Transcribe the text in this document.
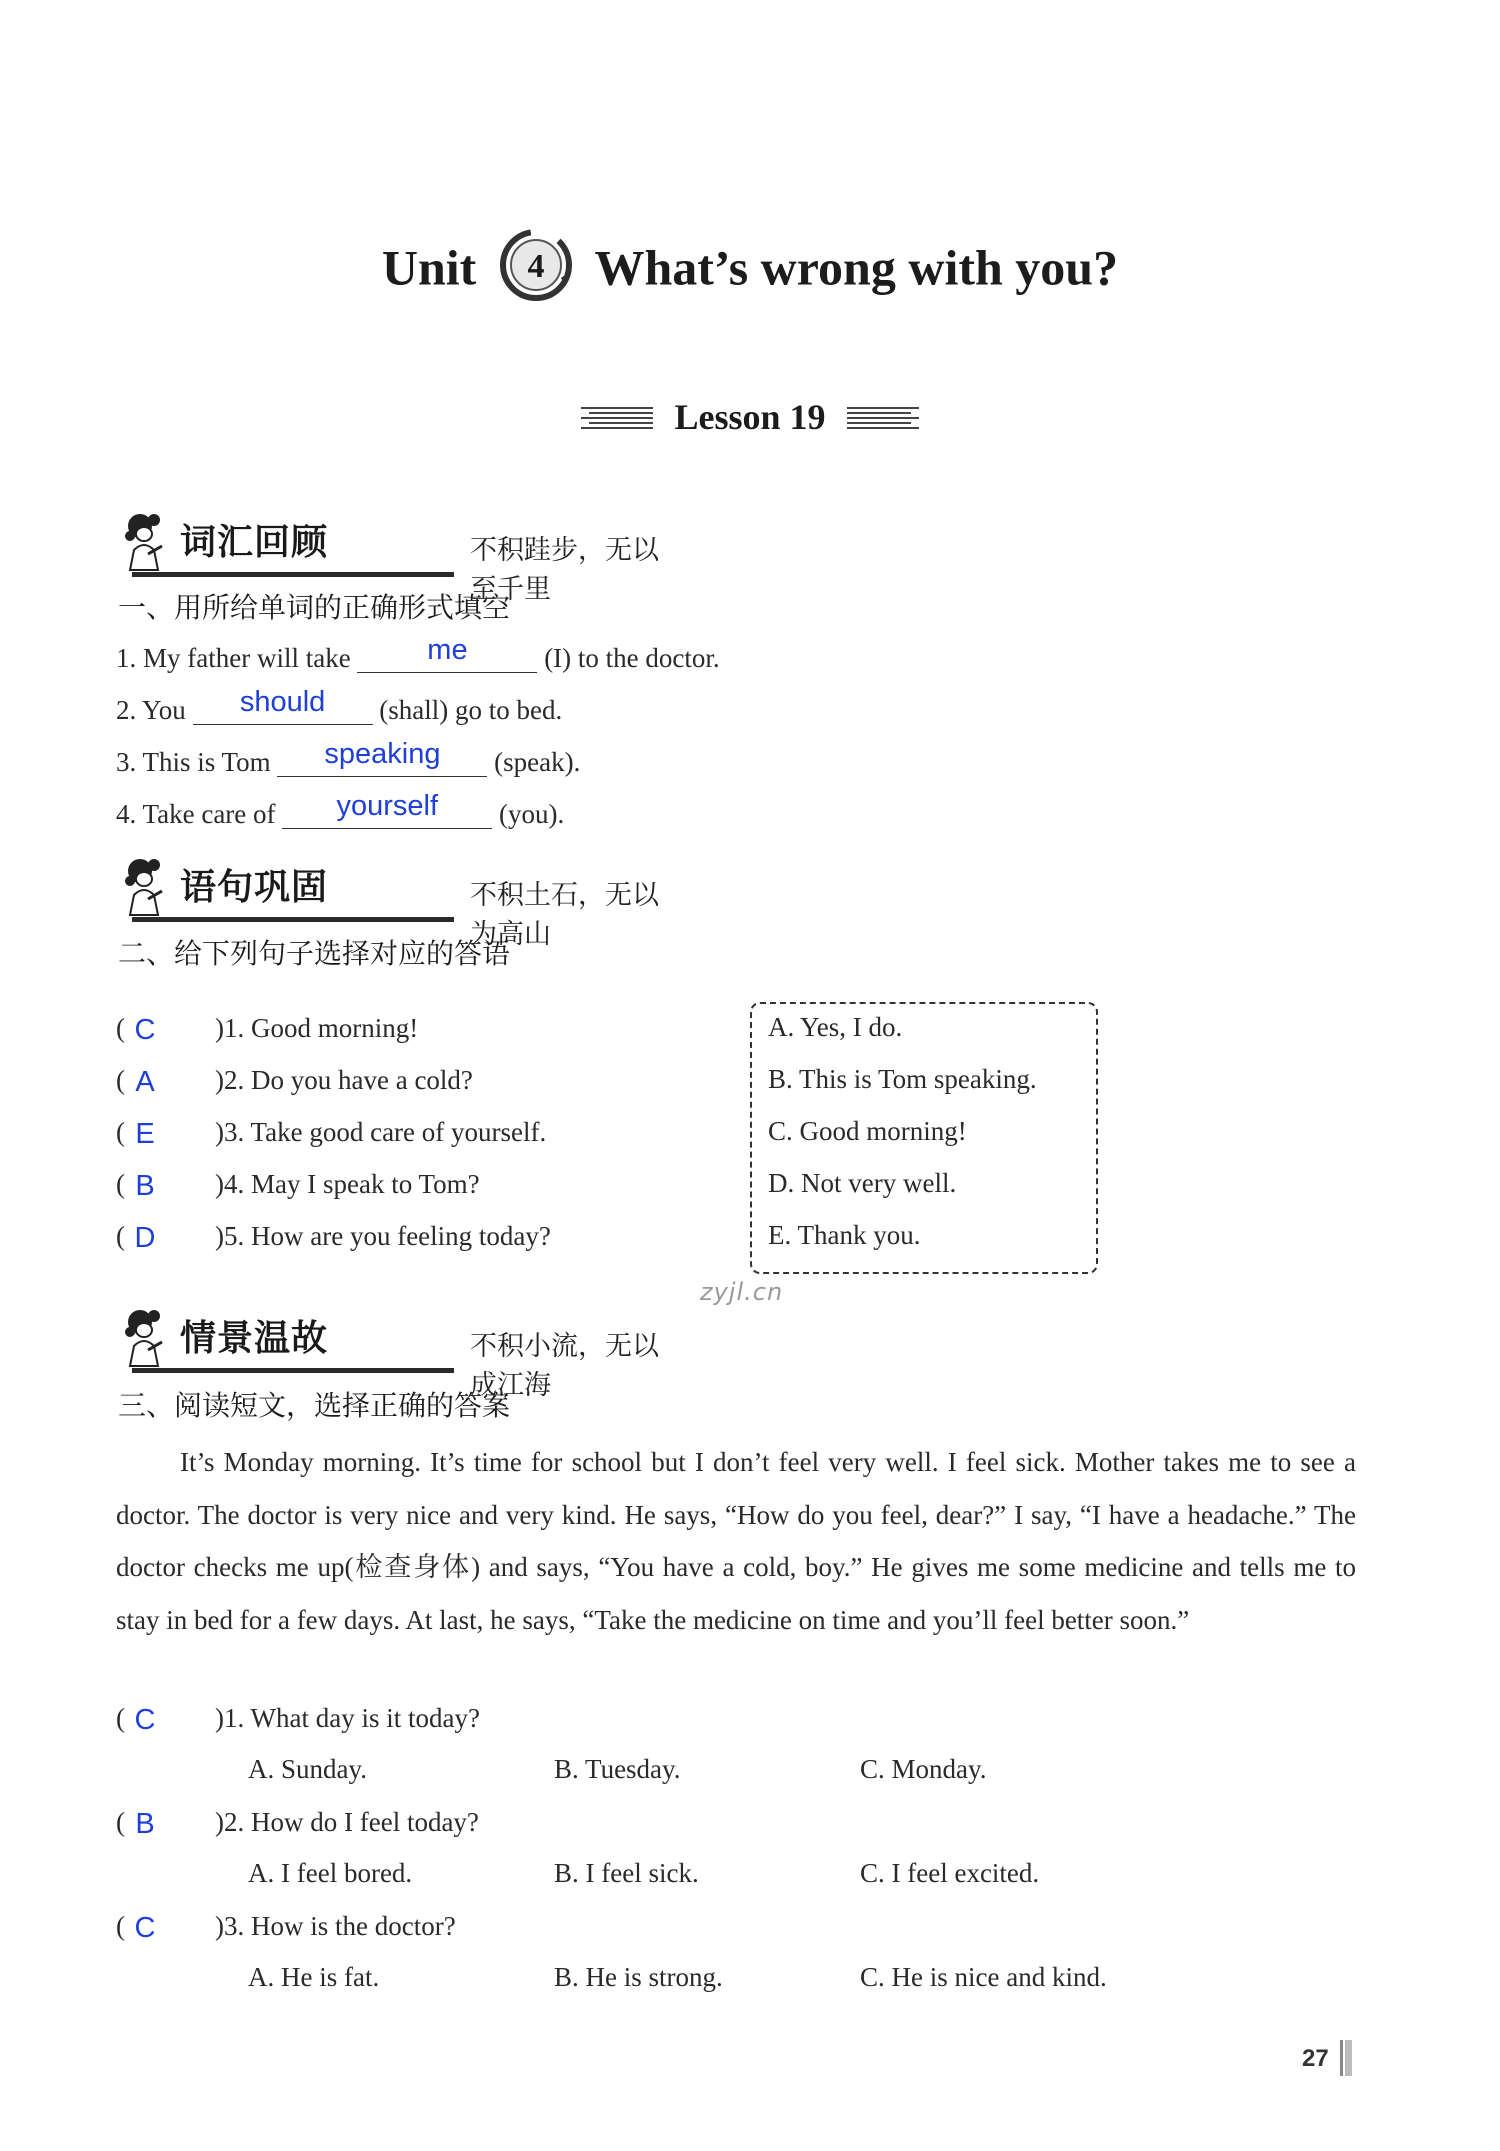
Unit 4 What’s wrong with you?
Lesson 19
词汇回顾	不积跬步，无以至千里
一、用所给单词的正确形式填空
1. My father will take	me	(I) to the doctor.
2. You should (shall) go to bed.
3. This is Tom speaking (speak).
4. Take care of yourself (you).
语句巩固	不积土石，无以为高山
二、给下列句子选择对应的答语
( C )1. Good morning!
( A )2. Do you have a cold?
( E )3. Take good care of yourself.
( B )4. May I speak to Tom?
( D )5. How are you feeling today?
A. Yes, I do.
B. This is Tom speaking.
C. Good morning!
D. Not very well.
E. Thank you.
zyjl.cn
情景温故	不积小流，无以成江海
三、阅读短文，选择正确的答案
It’s Monday morning. It’s time for school but I don’t feel very well. I feel sick. Mother takes me to see a doctor. The doctor is very nice and very kind. He says, “How do you feel, dear?” I say, “I have a headache.” The doctor checks me up(检查身体) and says, “You have a cold, boy.” He gives me some medicine and tells me to stay in bed for a few days. At last, he says, “Take the medicine on time and you’ll feel better soon.”
( C )1. What day is it today?
A. Sunday.	B. Tuesday.	C. Monday.
( B )2. How do I feel today?
A. I feel bored.	B. I feel sick.	C. I feel excited.
( C )3. How is the doctor?
A. He is fat.	B. He is strong.	C. He is nice and kind.
27
